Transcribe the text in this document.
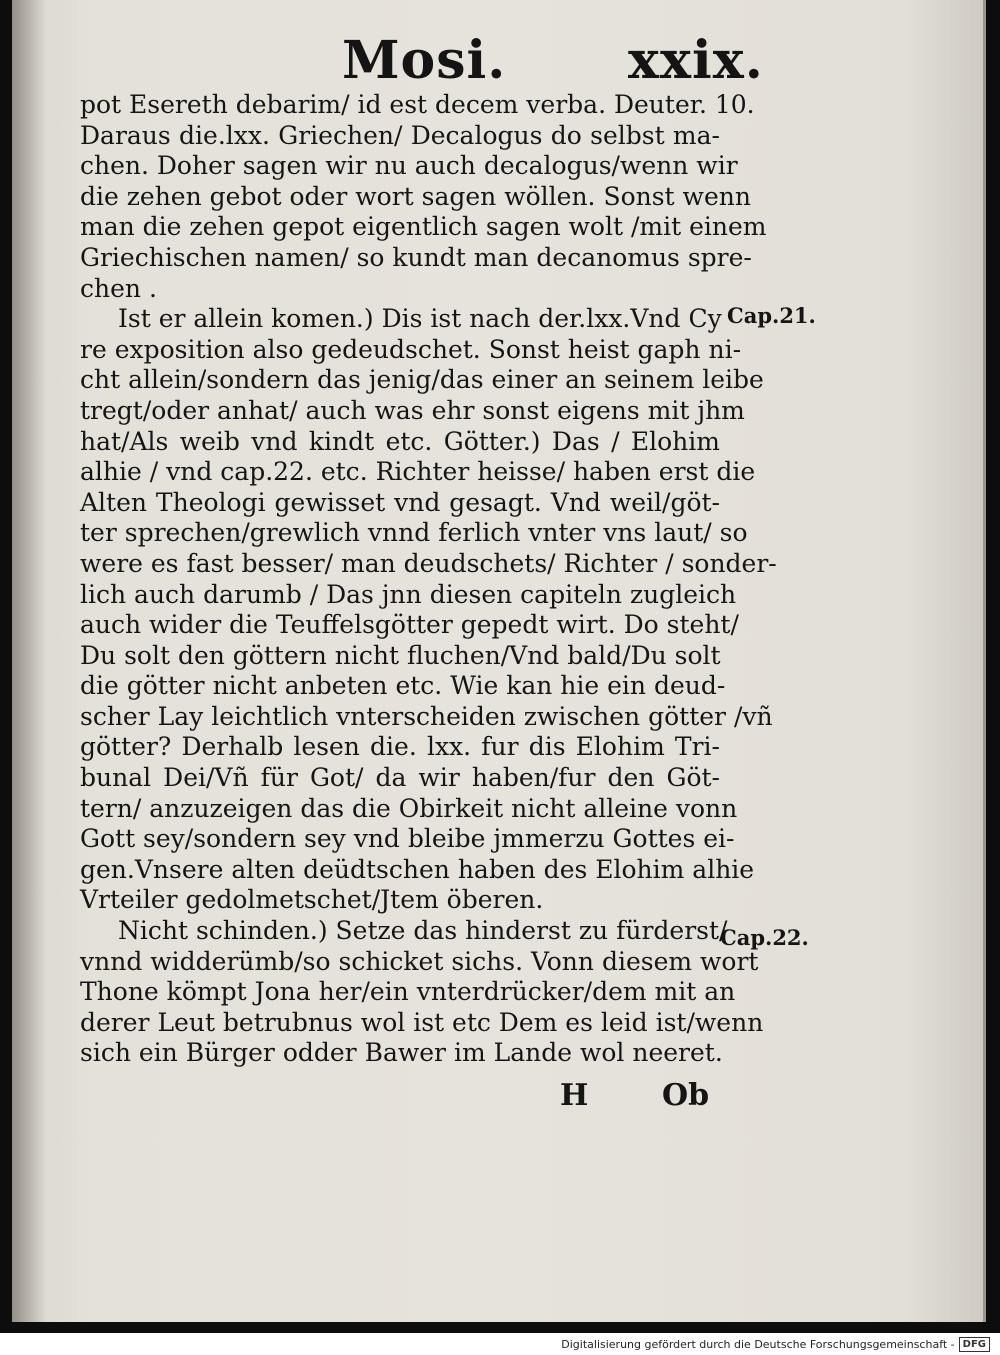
Mosi. xxix.
pot Esereth debarim/ id est decem verba. Deuter. 10.
Daraus die.lxx. Griechen/ Decalogus do selbst ma-
chen. Doher sagen wir nu auch decalogus/wenn wir
die zehen gebot oder wort sagen wöllen. Sonst wenn
man die zehen gepot eigentlich sagen wolt /mit einem
Griechischen namen/ so kundt man decanomus spre-
chen .
Ist er allein komen.) Dis ist nach der.lxx.Vnd Cy
re exposition also gedeudschet. Sonst heist gaph ni-
cht allein/sondern das jenig/das einer an seinem leibe
tregt/oder anhat/ auch was ehr sonst eigens mit jhm
hat/Als weib vnd kindt etc. Götter.) Das / Elohim
alhie / vnd cap.22. etc. Richter heisse/ haben erst die
Alten Theologi gewisset vnd gesagt. Vnd weil/göt-
ter sprechen/grewlich vnnd ferlich vnter vns laut/ so
were es fast besser/ man deudschets/ Richter / sonder-
lich auch darumb / Das jnn diesen capiteln zugleich
auch wider die Teuffelsgötter gepedt wirt. Do steht/
Du solt den göttern nicht fluchen/Vnd bald/Du solt
die götter nicht anbeten etc. Wie kan hie ein deud-
scher Lay leichtlich vnterscheiden zwischen götter /vñ
götter? Derhalb lesen die. lxx. fur dis Elohim Tri-
bunal Dei/Vñ für Got/ da wir haben/fur den Göt-
tern/ anzuzeigen das die Obirkeit nicht alleine vonn
Gott sey/sondern sey vnd bleibe jmmerzu Gottes ei-
gen.Vnsere alten deüdtschen haben des Elohim alhie
Vrteiler gedolmetschet/Jtem öberen.
Nicht schinden.) Setze das hinderst zu fürderst/
vnnd widderümb/so schicket sichs. Vonn diesem wort
Thone kömpt Jona her/ein vnterdrücker/dem mit an
derer Leut betrubnus wol ist etc Dem es leid ist/wenn
sich ein Bürger odder Bawer im Lande wol neeret.
Cap.21.
Cap.22.
H Ob
Digitalisierung gefördert durch die Deutsche Forschungsgemeinschaft - DFG
